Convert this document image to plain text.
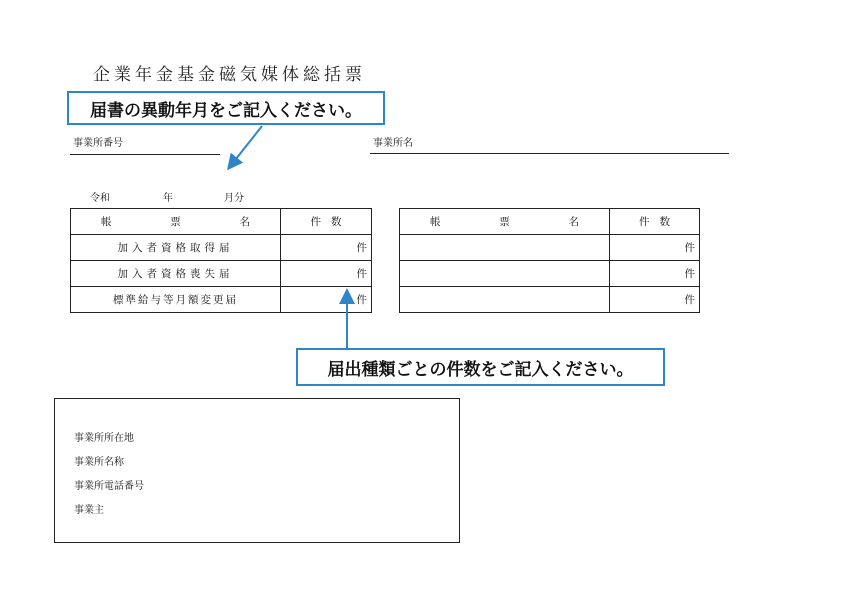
企業年金基金磁気媒体総括票
届書の異動年月をご記入ください。
事業所番号	事業所名
令和	年	月分
帳 票 名	件 数
加入者資格取得届	件
加入者資格喪失届	件
標準給与等月額変更届	件
帳 票 名	件 数
	件
	件
	件
届出種類ごとの件数をご記入ください。
事業所所在地
事業所名称
事業所電話番号
事業主
